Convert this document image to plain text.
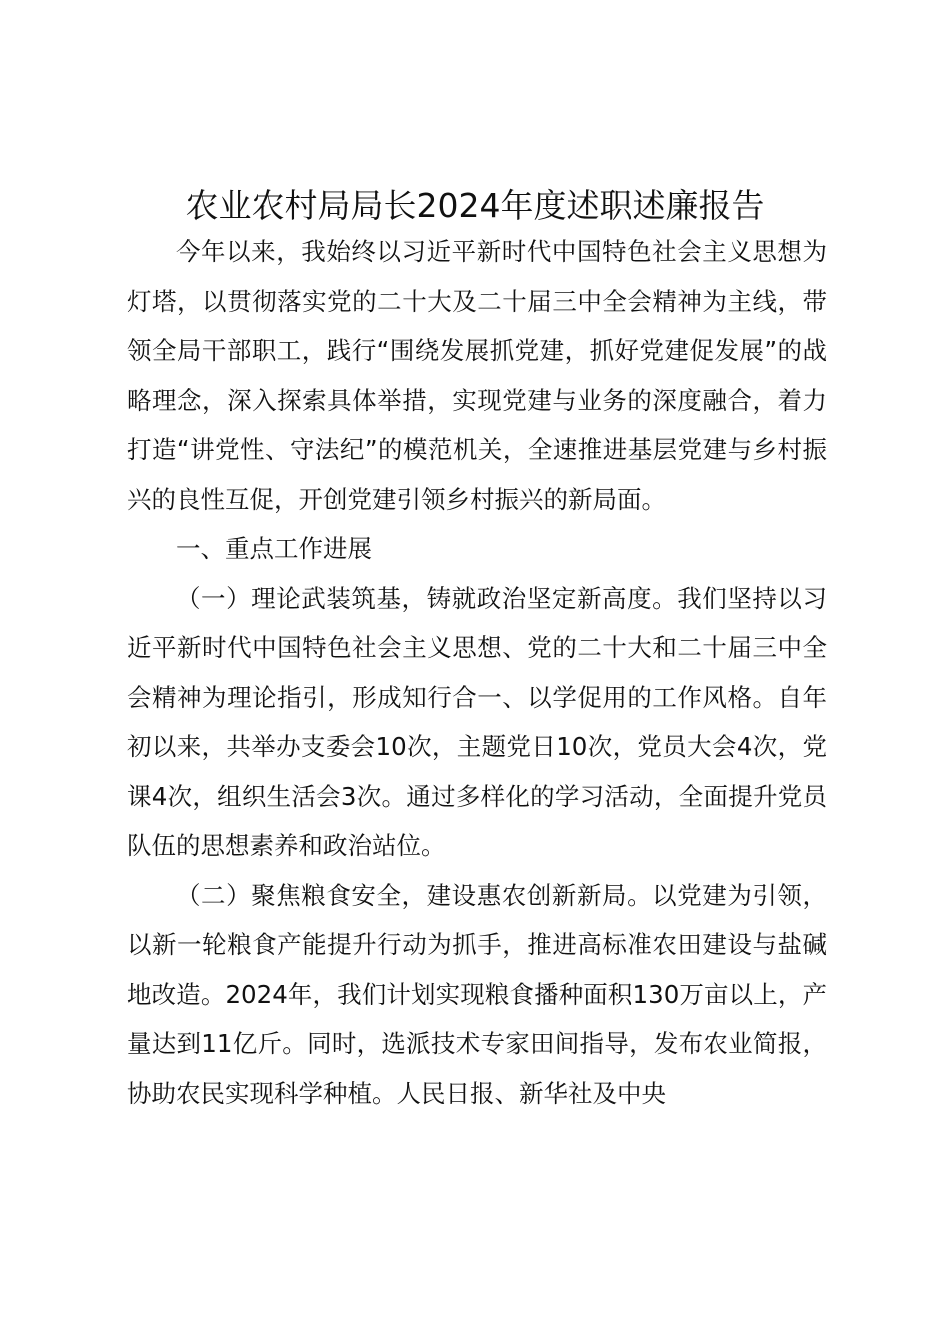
农业农村局局长2024年度述职述廉报告

今年以来，我始终以习近平新时代中国特色社会主义思想为灯塔，以贯彻落实党的二十大及二十届三中全会精神为主线，带领全局干部职工，践行“围绕发展抓党建，抓好党建促发展”的战略理念，深入探索具体举措，实现党建与业务的深度融合，着力打造“讲党性、守法纪”的模范机关，全速推进基层党建与乡村振兴的良性互促，开创党建引领乡村振兴的新局面。

一、重点工作进展

（一）理论武装筑基，铸就政治坚定新高度。我们坚持以习近平新时代中国特色社会主义思想、党的二十大和二十届三中全会精神为理论指引，形成知行合一、以学促用的工作风格。自年初以来，共举办支委会10次，主题党日10次，党员大会4次，党课4次，组织生活会3次。通过多样化的学习活动，全面提升党员队伍的思想素养和政治站位。

（二）聚焦粮食安全，建设惠农创新新局。以党建为引领，以新一轮粮食产能提升行动为抓手，推进高标准农田建设与盐碱地改造。2024年，我们计划实现粮食播种面积130万亩以上，产量达到11亿斤。同时，选派技术专家田间指导，发布农业简报，协助农民实现科学种植。人民日报、新华社及中央
